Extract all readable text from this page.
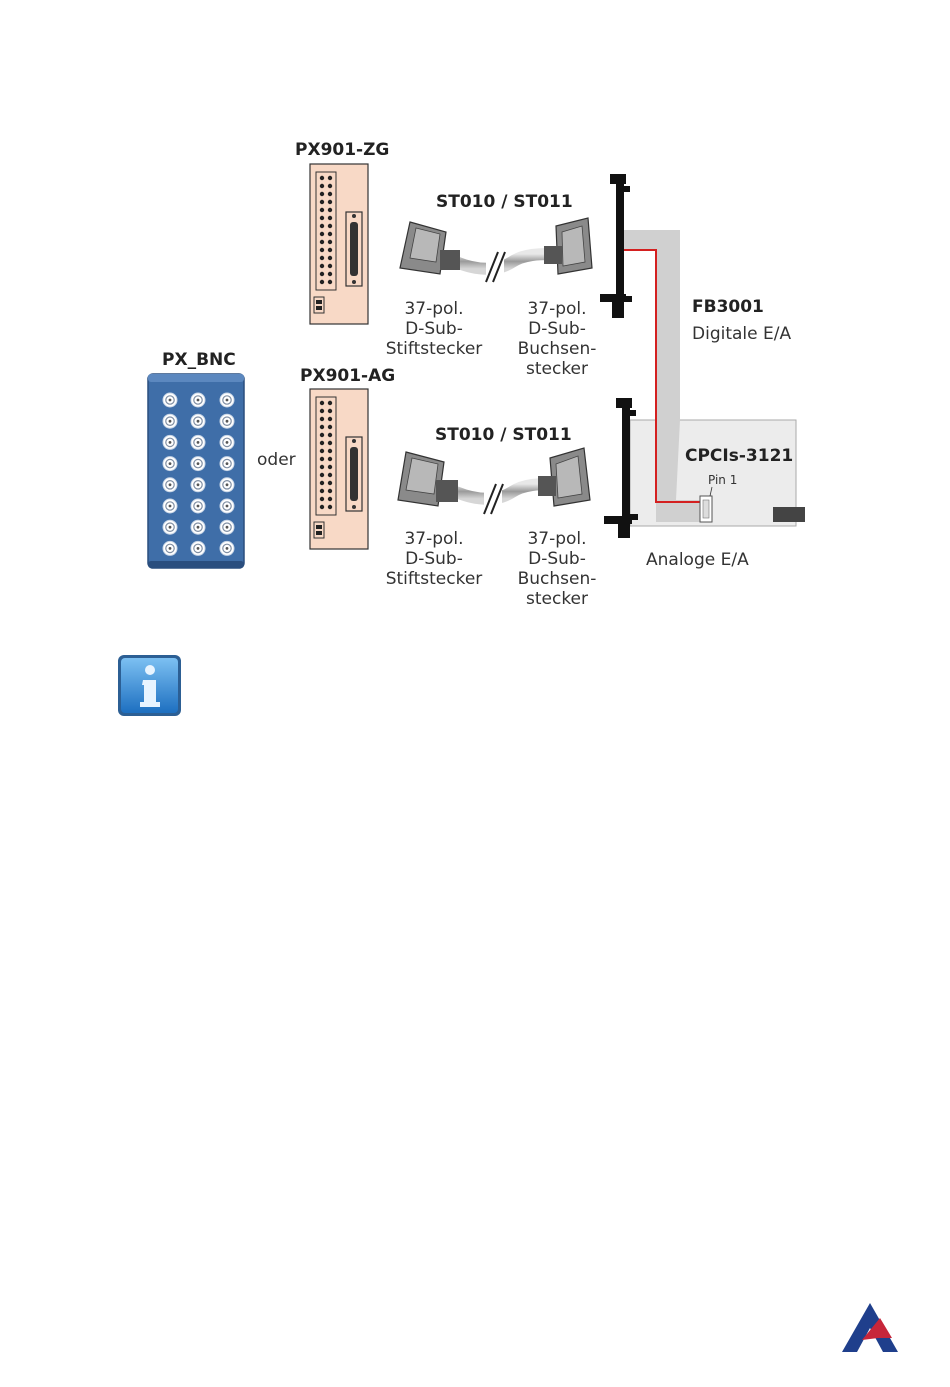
PX901-ZG
PX901-AG
PX_BNC
oder
ST010 / ST011
ST010 / ST011
37-pol.
D-Sub-
Stiftstecker
37-pol.
D-Sub-
Buchsen-
stecker
37-pol.
D-Sub-
Stiftstecker
37-pol.
D-Sub-
Buchsen-
stecker
FB3001
Digitale E/A
CPCIs-3121
Pin 1
Analoge E/A
